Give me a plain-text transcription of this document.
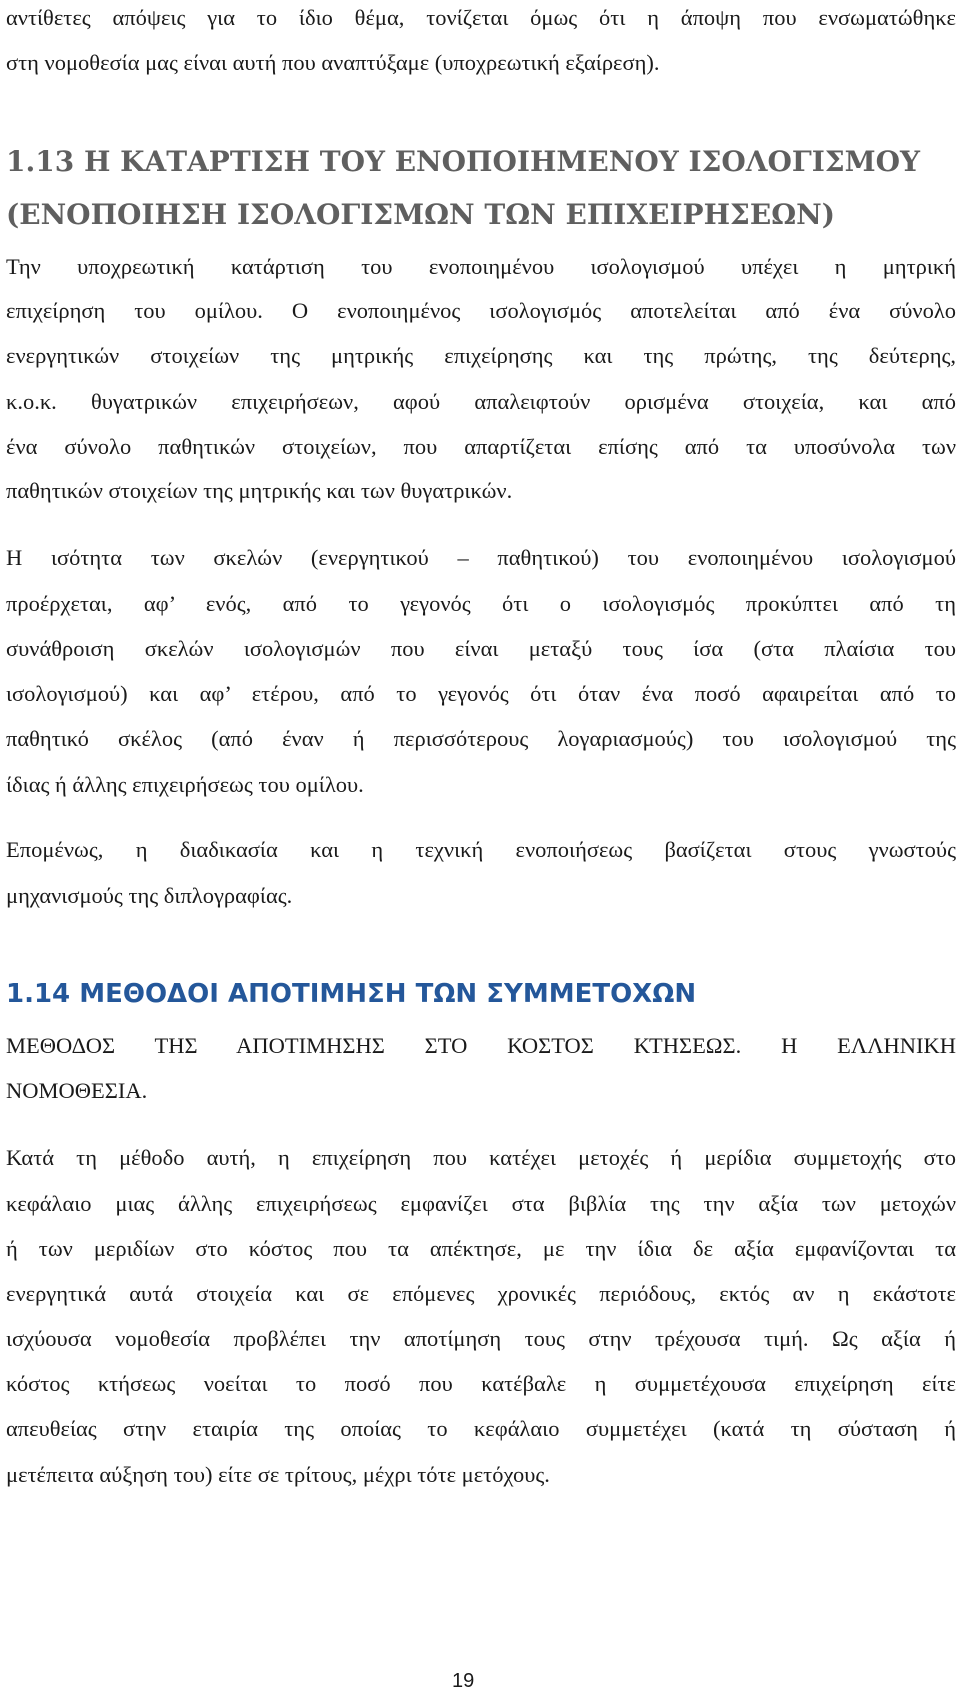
αντίθετες απόψεις για το ίδιο θέμα, τονίζεται όμως ότι η άποψη που ενσωματώθηκε
στη νομοθεσία μας είναι αυτή που αναπτύξαμε (υποχρεωτική εξαίρεση).
1.13 Η ΚΑΤΑΡΤΙΣΗ ΤΟΥ ΕΝΟΠΟΙΗΜΕΝΟΥ ΙΣΟΛΟΓΙΣΜΟΥ
(ΕΝΟΠΟΙΗΣΗ ΙΣΟΛΟΓΙΣΜΩΝ ΤΩΝ ΕΠΙΧΕΙΡΗΣΕΩΝ)
Την υποχρεωτική κατάρτιση του ενοποιημένου ισολογισμού υπέχει η μητρική
επιχείρηση του ομίλου. Ο ενοποιημένος ισολογισμός αποτελείται από ένα σύνολο
ενεργητικών στοιχείων της μητρικής επιχείρησης και της πρώτης, της δεύτερης,
κ.ο.κ. θυγατρικών επιχειρήσεων, αφού απαλειφτούν ορισμένα στοιχεία, και από
ένα σύνολο παθητικών στοιχείων, που απαρτίζεται επίσης από τα υποσύνολα των
παθητικών στοιχείων της μητρικής και των θυγατρικών.
Η ισότητα των σκελών (ενεργητικού – παθητικού) του ενοποιημένου ισολογισμού
προέρχεται, αφ’ ενός, από το γεγονός ότι ο ισολογισμός προκύπτει από τη
συνάθροιση σκελών ισολογισμών που είναι μεταξύ τους ίσα (στα πλαίσια του
ισολογισμού) και αφ’ ετέρου, από το γεγονός ότι όταν ένα ποσό αφαιρείται από το
παθητικό σκέλος (από έναν ή περισσότερους λογαριασμούς) του ισολογισμού της
ίδιας ή άλλης επιχειρήσεως του ομίλου.
Επομένως, η διαδικασία και η τεχνική ενοποιήσεως βασίζεται στους γνωστούς
μηχανισμούς της διπλογραφίας.
1.14 ΜΕΘΟΔΟΙ ΑΠΟΤΙΜΗΣΗ ΤΩΝ ΣΥΜΜΕΤΟΧΩΝ
ΜΕΘΟΔΟΣ ΤΗΣ ΑΠΟΤΙΜΗΣΗΣ ΣΤΟ ΚΟΣΤΟΣ ΚΤΗΣΕΩΣ. Η ΕΛΛΗΝΙΚΗ
ΝΟΜΟΘΕΣΙΑ.
Κατά τη μέθοδο αυτή, η επιχείρηση που κατέχει μετοχές ή μερίδια συμμετοχής στο
κεφάλαιο μιας άλλης επιχειρήσεως εμφανίζει στα βιβλία της την αξία των μετοχών
ή των μεριδίων στο κόστος που τα απέκτησε, με την ίδια δε αξία εμφανίζονται τα
ενεργητικά αυτά στοιχεία και σε επόμενες χρονικές περιόδους, εκτός αν η εκάστοτε
ισχύουσα νομοθεσία προβλέπει την αποτίμηση τους στην τρέχουσα τιμή. Ως αξία ή
κόστος κτήσεως νοείται το ποσό που κατέβαλε η συμμετέχουσα επιχείρηση είτε
απευθείας στην εταιρία της οποίας το κεφάλαιο συμμετέχει (κατά τη σύσταση ή
μετέπειτα αύξηση του) είτε σε τρίτους, μέχρι τότε μετόχους.
19
